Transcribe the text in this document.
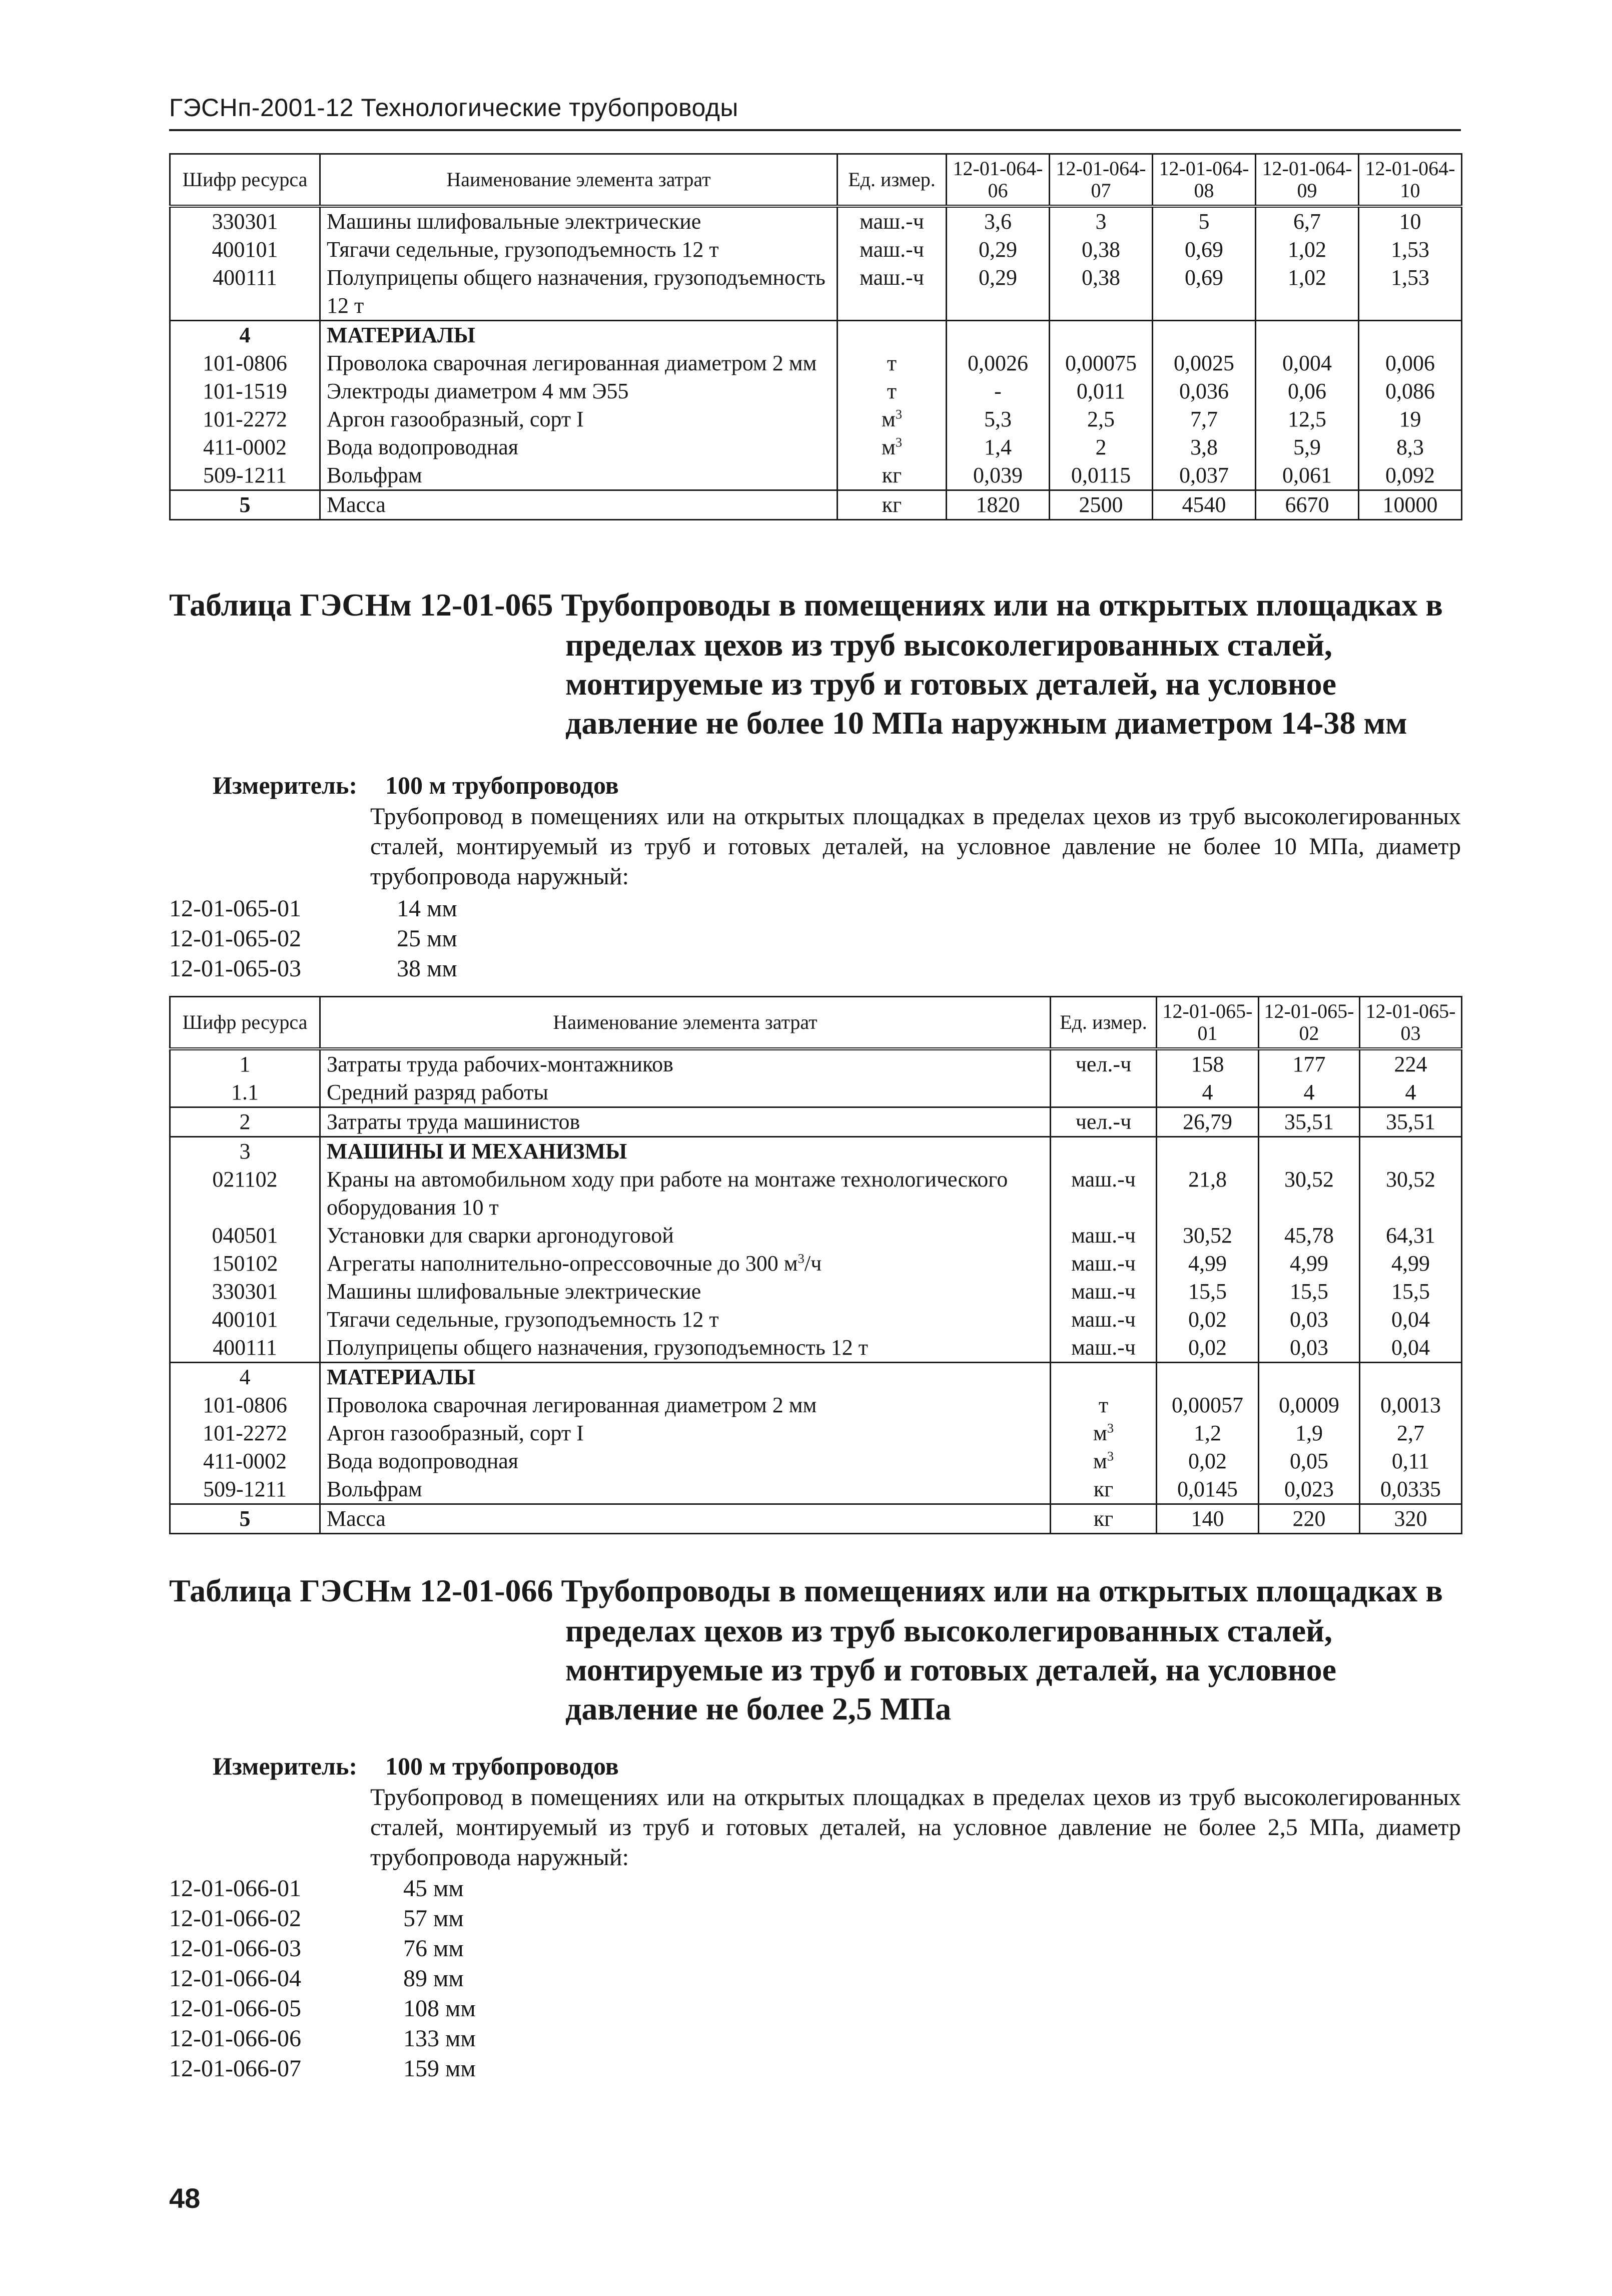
ГЭСНп-2001-12 Технологические трубопроводы
Шифр ресурса	Наименование элемента затрат	Ед. измер.	12-01-064-06	12-01-064-07	12-01-064-08	12-01-064-09	12-01-064-10
330301	Машины шлифовальные электрические	маш.-ч	3,6	3	5	6,7	10
400101	Тягачи седельные, грузоподъемность 12 т	маш.-ч	0,29	0,38	0,69	1,02	1,53
400111	Полуприцепы общего назначения, грузоподъемность 12 т	маш.-ч	0,29	0,38	0,69	1,02	1,53
4	МАТЕРИАЛЫ						
101-0806	Проволока сварочная легированная диаметром 2 мм	т	0,0026	0,00075	0,0025	0,004	0,006
101-1519	Электроды диаметром 4 мм Э55	т	-	0,011	0,036	0,06	0,086
101-2272	Аргон газообразный, сорт I	$м^3$	5,3	2,5	7,7	12,5	19
411-0002	Вода водопроводная	$м^3$	1,4	2	3,8	5,9	8,3
509-1211	Вольфрам	кг	0,039	0,0115	0,037	0,061	0,092
5	Масса	кг	1820	2500	4540	6670	10000
Таблица ГЭСНм 12-01-065 Трубопроводы в помещениях или на открытых площадках в
пределах цехов из труб высоколегированных сталей, монтируемые из труб и готовых деталей, на условное давление не более 10 МПа наружным диаметром 14-38 мм
Измеритель: 100 м трубопроводов
Трубопровод в помещениях или на открытых площадках в пределах цехов из труб высоколегированных сталей, монтируемый из труб и готовых деталей, на условное давление не более 10 МПа, диаметр трубопровода наружный:
12-01-065-01	14 мм
12-01-065-02	25 мм
12-01-065-03	38 мм
Шифр ресурса	Наименование элемента затрат	Ед. измер.	12-01-065-01	12-01-065-02	12-01-065-03
1	Затраты труда рабочих-монтажников	чел.-ч	158	177	224
1.1	Средний разряд работы		4	4	4
2	Затраты труда машинистов	чел.-ч	26,79	35,51	35,51
3	МАШИНЫ И МЕХАНИЗМЫ				
021102	Краны на автомобильном ходу при работе на монтаже технологического оборудования 10 т	маш.-ч	21,8	30,52	30,52
040501	Установки для сварки аргонодуговой	маш.-ч	30,52	45,78	64,31
150102	Агрегаты наполнительно-опрессовочные до 300 $м^3/ч$	маш.-ч	4,99	4,99	4,99
330301	Машины шлифовальные электрические	маш.-ч	15,5	15,5	15,5
400101	Тягачи седельные, грузоподъемность 12 т	маш.-ч	0,02	0,03	0,04
400111	Полуприцепы общего назначения, грузоподъемность 12 т	маш.-ч	0,02	0,03	0,04
4	МАТЕРИАЛЫ				
101-0806	Проволока сварочная легированная диаметром 2 мм	т	0,00057	0,0009	0,0013
101-2272	Аргон газообразный, сорт I	$м^3$	1,2	1,9	2,7
411-0002	Вода водопроводная	$м^3$	0,02	0,05	0,11
509-1211	Вольфрам	кг	0,0145	0,023	0,0335
5	Масса	кг	140	220	320
Таблица ГЭСНм 12-01-066 Трубопроводы в помещениях или на открытых площадках в
пределах цехов из труб высоколегированных сталей, монтируемые из труб и готовых деталей, на условное давление не более 2,5 МПа
Измеритель: 100 м трубопроводов
Трубопровод в помещениях или на открытых площадках в пределах цехов из труб высоколегированных сталей, монтируемый из труб и готовых деталей, на условное давление не более 2,5 МПа, диаметр трубопровода наружный:
12-01-066-01	45 мм
12-01-066-02	57 мм
12-01-066-03	76 мм
12-01-066-04	89 мм
12-01-066-05	108 мм
12-01-066-06	133 мм
12-01-066-07	159 мм
48
